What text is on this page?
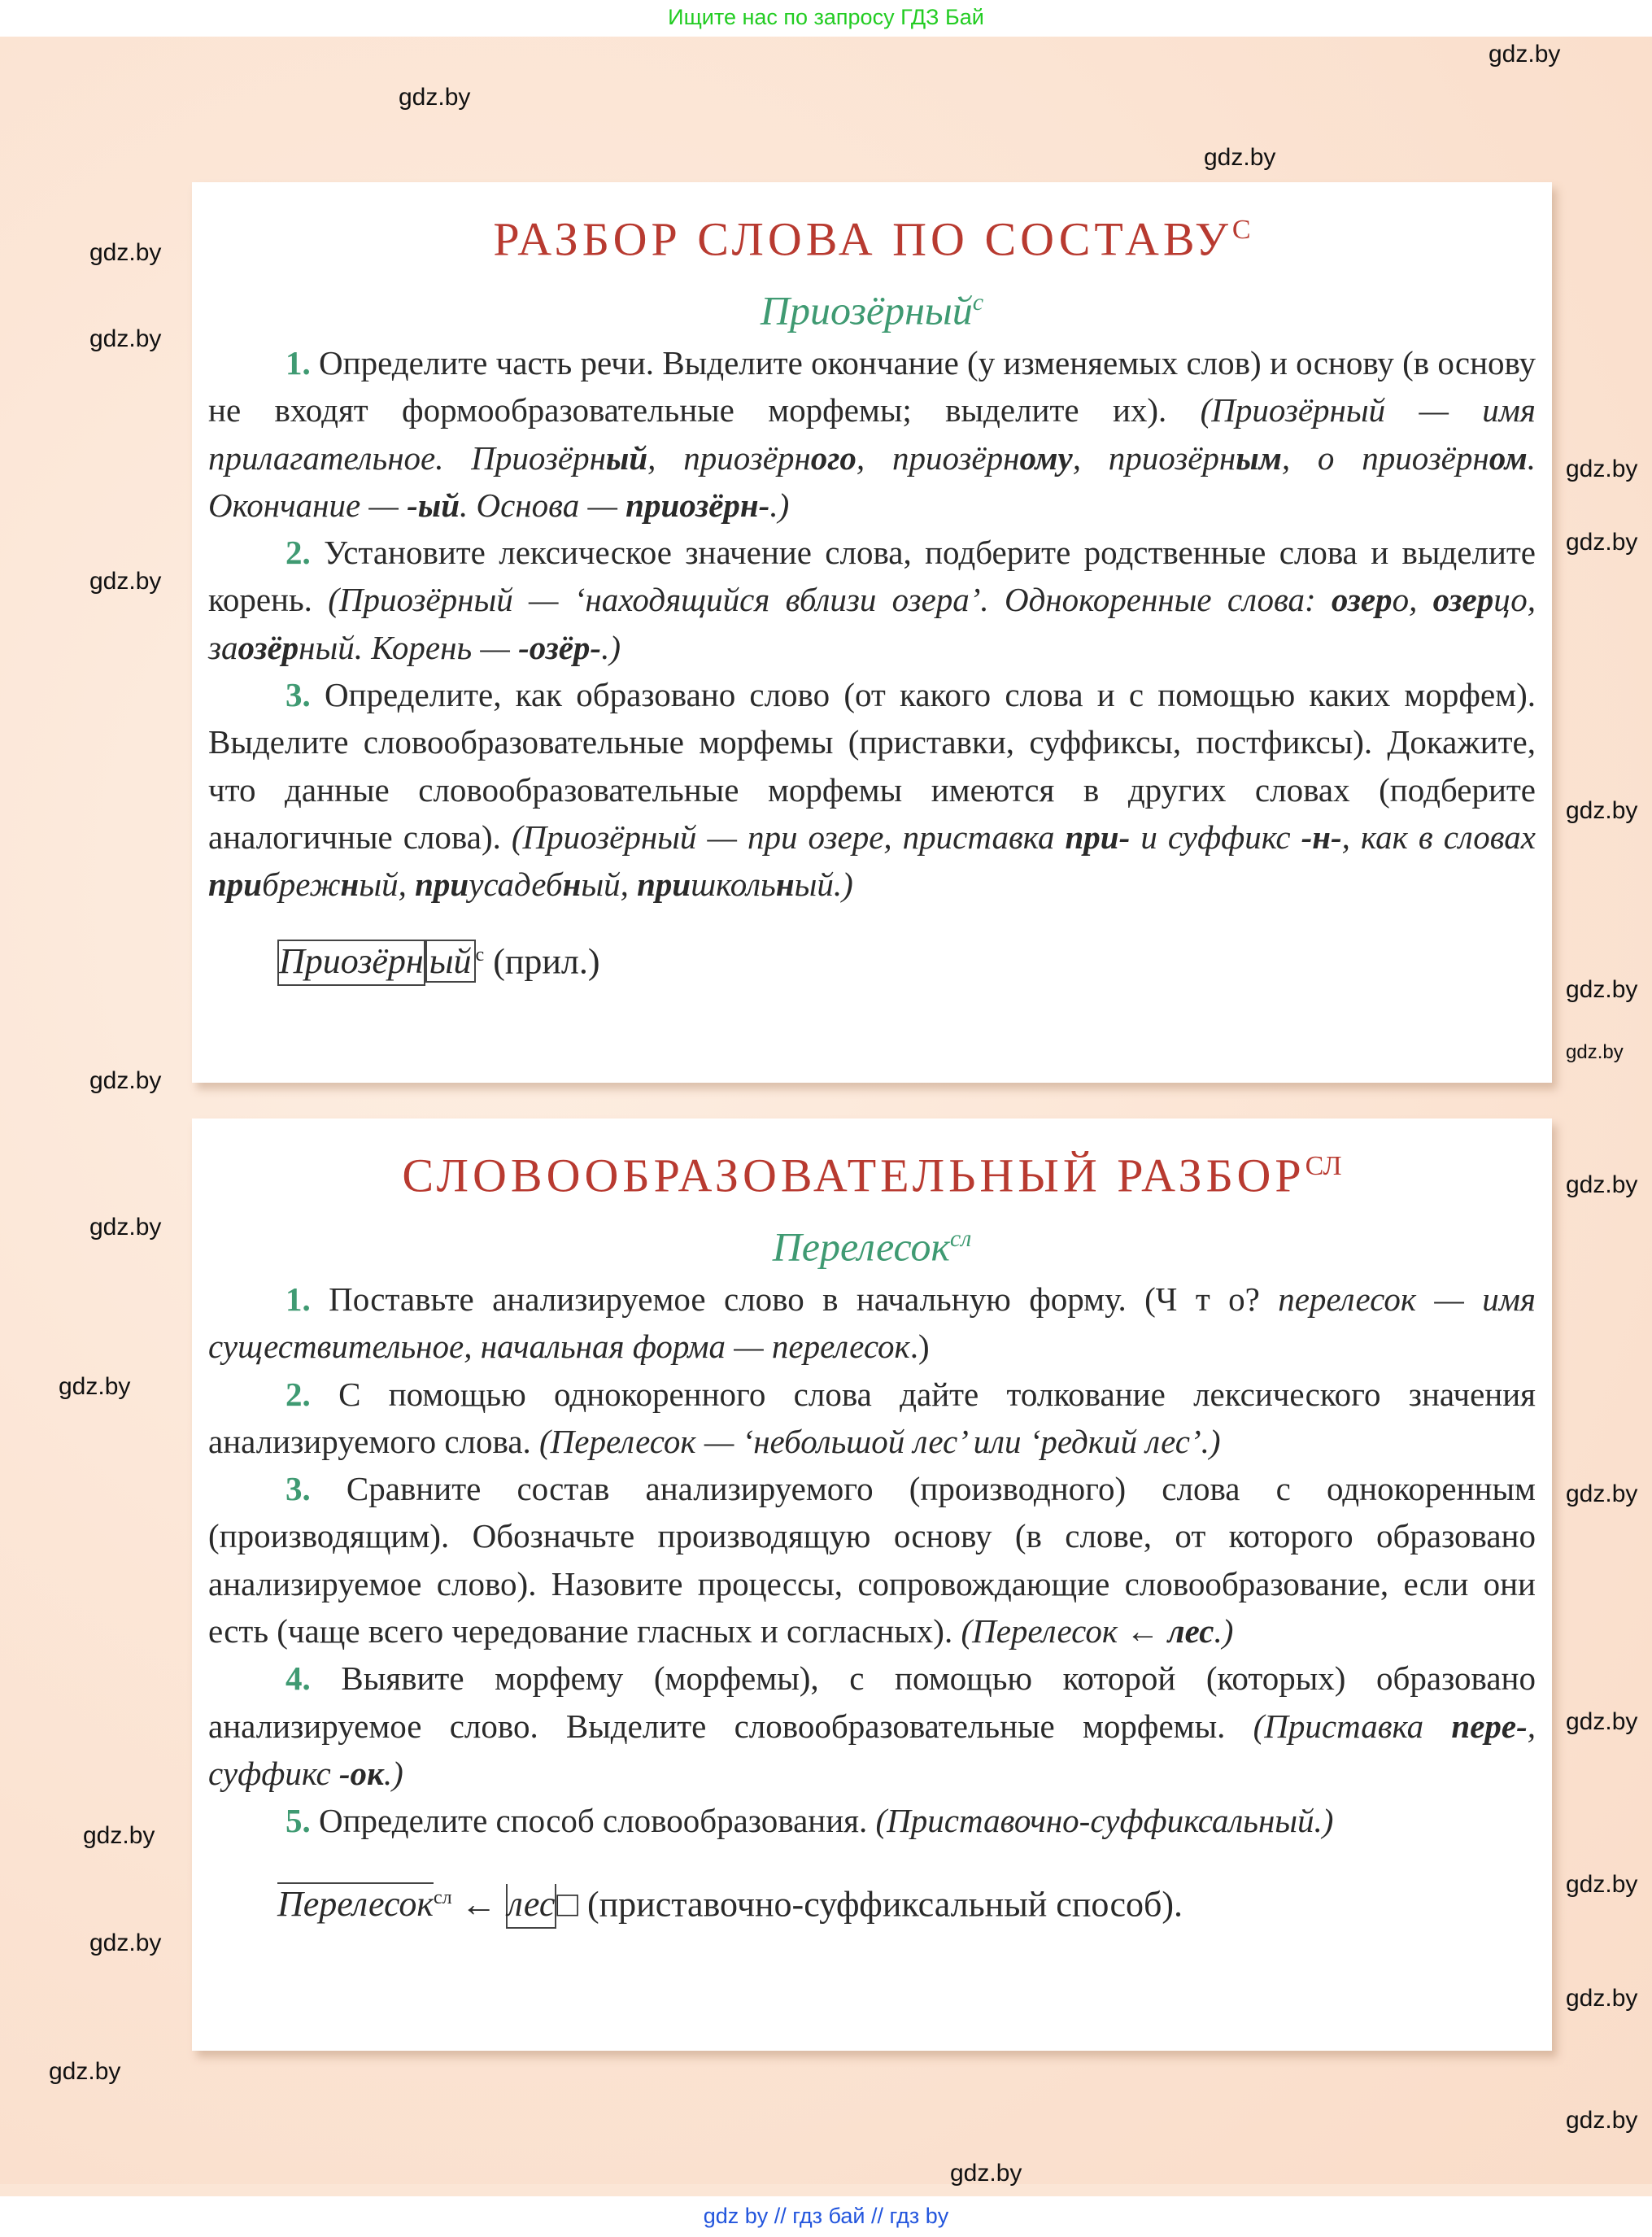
Ищите нас по запросу ГДЗ Бай
РАЗБОР СЛОВА ПО $СОСТАВУ^С$
Приозёрный$^с$

1. Определите часть речи. Выделите окончание (у изменяемых слов) и основу (в основу не входят формообразовательные морфемы; выделите их). (Приозёрный — имя прилагательное. Приозёрный, приозёрного, приозёрному, приозёрным, о приозёрном. Окончание — -ый. Основа — приозёрн-.)

2. Установите лексическое значение слова, подберите родственные слова и выделите корень. (Приозёрный — ‘находящийся вблизи озера’. Однокоренные слова: озеро, озерцо, заозёрный. Корень — -озёр-.)

3. Определите, как образовано слово (от какого слова и с помощью каких морфем). Выделите словообразовательные морфемы (приставки, суффиксы, постфиксы). Докажите, что данные словообразовательные морфемы имеются в других словах (подберите аналогичные слова). (Приозёрный — при озере, приставка при- и суффикс -н-, как в словах прибрежный, приусадебный, пришкольный.)

Приозёрн ый $^с$ (прил.)
СЛОВООБРАЗОВАТЕЛЬНЫЙ $РАЗБОР^{СЛ}$
Перелесок$^{сл}$

1. Поставьте анализируемое слово в начальную форму. (Ч т о? перелесок — имя существительное, начальная форма — перелесок.)

2. С помощью однокоренного слова дайте толкование лексического значения анализируемого слова. (Перелесок — ‘небольшой лес’ или ‘редкий лес’.)

3. Сравните состав анализируемого (производного) слова с однокоренным (производящим). Обозначьте производящую основу (в слове, от которого образовано анализируемое слово). Назовите процессы, сопровождающие словообразование, если они есть (чаще всего чередование гласных и согласных). (Перелесок ← лес.)

4. Выявите морфему (морфемы), с помощью которой (которых) образовано анализируемое слово. Выделите словообразовательные морфемы. (Приставка пере-, суффикс -ок.)

5. Определите способ словообразования. (Приставочно-суффиксальный.)

Перелесок$^{сл}$ ← лес□ (приставочно-суффиксальный способ).
gdz.by
gdz.by
gdz.by
gdz.by
gdz.by
gdz.by
gdz.by
gdz.by
gdz.by
gdz.by
gdz.by
gdz.by
gdz.by
gdz.by
gdz.by
gdz.by
gdz.by
gdz.by
gdz.by
gdz.by
gdz.by
gdz.by
gdz.by
gdz.by
gdz by // гдз бай // гдз by
